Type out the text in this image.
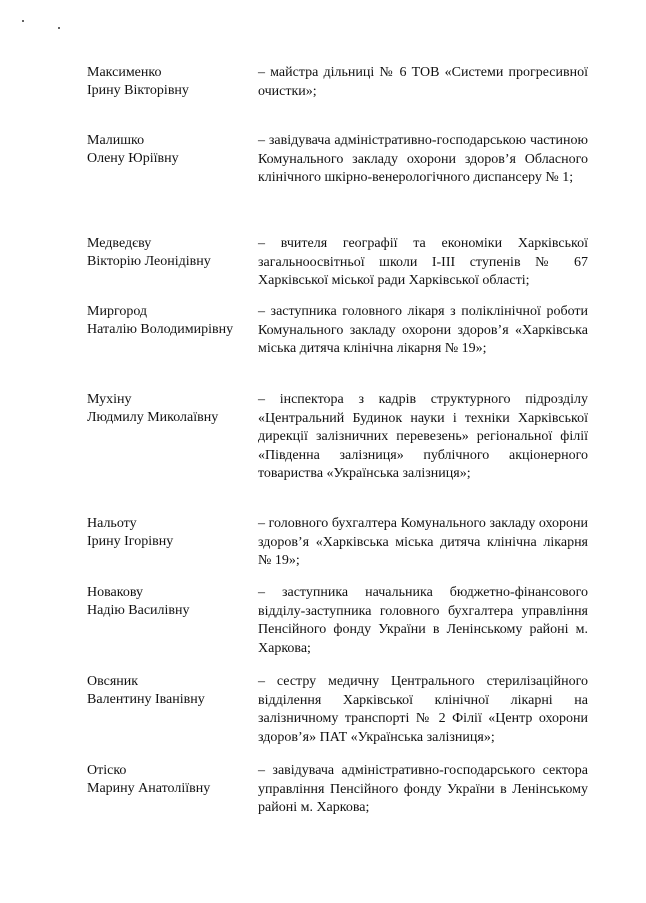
Максименко
Ірину Вікторівну
– майстра дільниці № 6 ТОВ «Системи прогресивної очистки»;
Малишко
Олену Юріївну
– завідувача адміністративно-господарською частиною Комунального закладу охорони здоров’я Обласного клінічного шкірно-венерологічного диспансеру № 1;
Медведєву
Вікторію Леонідівну
– вчителя географії та економіки Харківської загальноосвітньої школи І-ІІІ ступенів № 67 Харківської міської ради Харківської області;
Миргород
Наталію Володимирівну
– заступника головного лікаря з поліклінічної роботи Комунального закладу охорони здоров’я «Харківська міська дитяча клінічна лікарня № 19»;
Мухіну
Людмилу Миколаївну
– інспектора з кадрів структурного підрозділу «Центральний Будинок науки і техніки Харківської дирекції залізничних перевезень» регіональної філії «Південна залізниця» публічного акціонерного товариства «Українська залізниця»;
Нальоту
Ірину Ігорівну
– головного бухгалтера Комунального закладу охорони здоров’я «Харківська міська дитяча клінічна лікарня № 19»;
Новакову
Надію Василівну
– заступника начальника бюджетно-фінансового відділу-заступника головного бухгалтера управління Пенсійного фонду України в Ленінському районі м. Харкова;
Овсяник
Валентину Іванівну
– сестру медичну Центрального стерилізаційного відділення Харківської клінічної лікарні на залізничному транспорті № 2 Філії «Центр охорони здоров’я» ПАТ «Українська залізниця»;
Отіско
Марину Анатоліївну
– завідувача адміністративно-господарського сектора управління Пенсійного фонду України в Ленінському районі м. Харкова;
